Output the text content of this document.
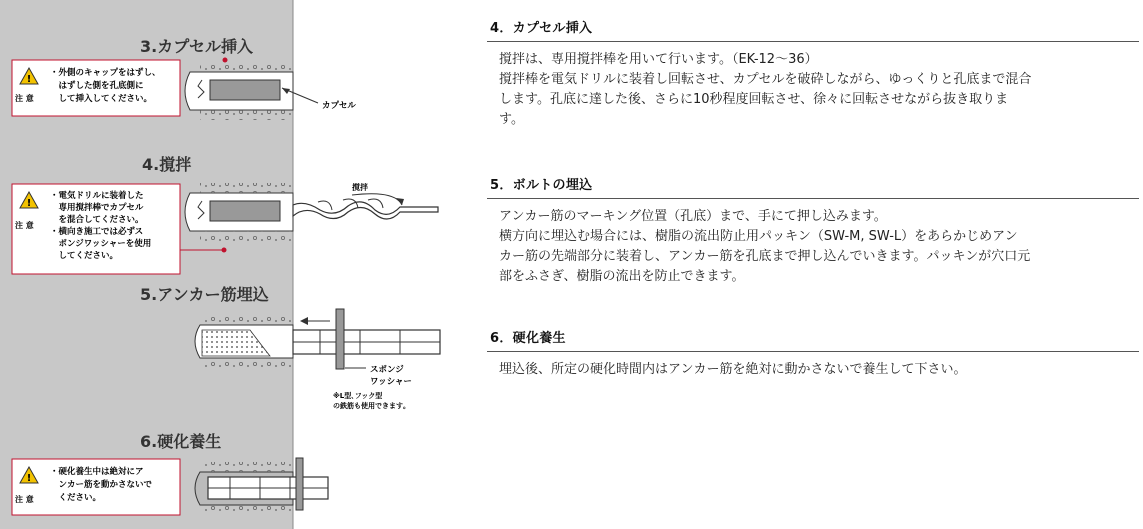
3.カプセル挿入
!
注 意
・外側のキャップをはずし、
　はずした側を孔底側に
　して挿入してください。
カプセル
4.撹拌
!
注 意
・電気ドリルに装着した
　専用撹拌棒でカプセル
　を混合してください。
・横向き施工では必ずス
　ポンジワッシャーを使用
　してください。
撹拌
5.アンカー筋埋込
スポンジ
ワッシャー
※L型､フック型
の鉄筋も使用できます｡
6.硬化養生
!
注 意
・硬化養生中は絶対にア
　ンカー筋を動かさないで
　ください。
4．カプセル挿入
撹拌は、専用撹拌棒を用いて行います。（EK-12～36）
撹拌棒を電気ドリルに装着し回転させ、カプセルを破砕しながら、ゆっくりと孔底まで混合
します。孔底に達した後、さらに10秒程度回転させ、徐々に回転させながら抜き取りま
す。
5．ボルトの埋込
アンカー筋のマーキング位置（孔底）まで、手にて押し込みます。
横方向に埋込む場合には、樹脂の流出防止用パッキン（SW-M, SW-L）をあらかじめアン
カー筋の先端部分に装着し、アンカー筋を孔底まで押し込んでいきます。パッキンが穴口元
部をふさぎ、樹脂の流出を防止できます。
6．硬化養生
埋込後、所定の硬化時間内はアンカー筋を絶対に動かさないで養生して下さい。
